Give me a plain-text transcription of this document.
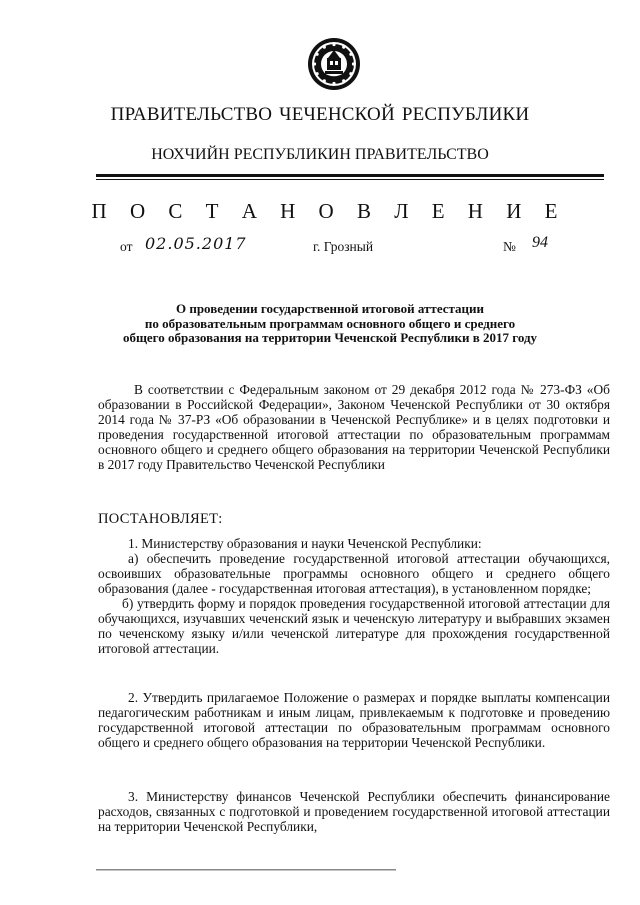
ПРАВИТЕЛЬСТВО ЧЕЧЕНСКОЙ РЕСПУБЛИКИ
НОХЧИЙН РЕСПУБЛИКИН ПРАВИТЕЛЬСТВО
П О С Т А Н О В Л Е Н И Е
от 02.05.2017	г. Грозный	№ 94
О проведении государственной итоговой аттестации
по образовательным программам основного общего и среднего
общего образования на территории Чеченской Республики в 2017 году

В соответствии с Федеральным законом от 29 декабря 2012 года № 273-ФЗ «Об образовании в Российской Федерации», Законом Чеченской Республики от 30 октября 2014 года № 37-РЗ «Об образовании в Чеченской Республике» и в целях подготовки и проведения государственной итоговой аттестации по образовательным программам основного общего и среднего общего образования на территории Чеченской Республики в 2017 году Правительство Чеченской Республики

ПОСТАНОВЛЯЕТ:

1. Министерству образования и науки Чеченской Республики:

а) обеспечить проведение государственной итоговой аттестации обучающихся, освоивших образовательные программы основного общего и среднего общего образования (далее - государственная итоговая аттестация), в установленном порядке;

б) утвердить форму и порядок проведения государственной итоговой аттестации для обучающихся, изучавших чеченский язык и чеченскую литературу и выбравших экзамен по чеченскому языку и/или чеченской литературе для прохождения государственной итоговой аттестации.

2. Утвердить прилагаемое Положение о размерах и порядке выплаты компенсации педагогическим работникам и иным лицам, привлекаемым к подготовке и проведению государственной итоговой аттестации по образовательным программам основного общего и среднего общего образования на территории Чеченской Республики.

3. Министерству финансов Чеченской Республики обеспечить финансирование расходов, связанных с подготовкой и проведением государственной итоговой аттестации на территории Чеченской Республики,
